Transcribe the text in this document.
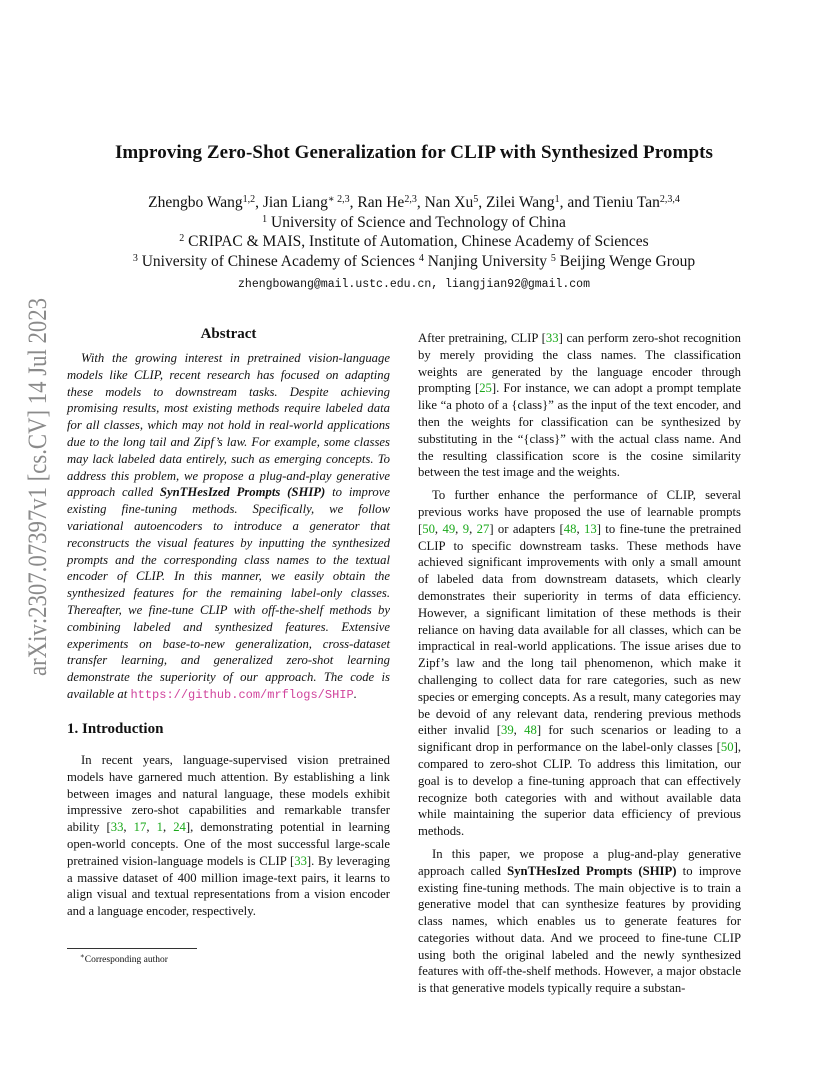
arXiv:2307.07397v1 [cs.CV] 14 Jul 2023
Improving Zero-Shot Generalization for CLIP with Synthesized Prompts
Zhengbo Wang$^{1,2}$, Jian Liang$^{∗ 2,3}$, Ran He$^{2,3}$, Nan Xu$^5$, Zilei Wang$^1$, and Tieniu Tan$^{2,3,4}$
$^1$ University of Science and Technology of China
$^2$ CRIPAC & MAIS, Institute of Automation, Chinese Academy of Sciences
$^3$ University of Chinese Academy of Sciences $^4$ Nanjing University $^5$ Beijing Wenge Group
zhengbowang@mail.ustc.edu.cn, liangjian92@gmail.com
Abstract
With the growing interest in pretrained vision-language models like CLIP, recent research has focused on adapting these models to downstream tasks. Despite achieving promising results, most existing methods require labeled data for all classes, which may not hold in real-world applications due to the long tail and Zipf’s law. For example, some classes may lack labeled data entirely, such as emerging concepts. To address this problem, we propose a plug-and-play generative approach called SynTHesIzed Prompts (SHIP) to improve existing fine-tuning methods. Specifically, we follow variational autoencoders to introduce a generator that reconstructs the visual features by inputting the synthesized prompts and the corresponding class names to the textual encoder of CLIP. In this manner, we easily obtain the synthesized features for the remaining label-only classes. Thereafter, we fine-tune CLIP with off-the-shelf methods by combining labeled and synthesized features. Extensive experiments on base-to-new generalization, cross-dataset transfer learning, and generalized zero-shot learning demonstrate the superiority of our approach. The code is available at https://github.com/mrflogs/SHIP.
1. Introduction
In recent years, language-supervised vision pretrained models have garnered much attention. By establishing a link between images and natural language, these models exhibit impressive zero-shot capabilities and remarkable transfer ability [33, 17, 1, 24], demonstrating potential in learning open-world concepts. One of the most successful large-scale pretrained vision-language models is CLIP [33]. By leveraging a massive dataset of 400 million image-text pairs, it learns to align visual and textual representations from a vision encoder and a language encoder, respectively.

After pretraining, CLIP [33] can perform zero-shot recognition by merely providing the class names. The classification weights are generated by the language encoder through prompting [25]. For instance, we can adopt a prompt template like “a photo of a {class}” as the input of the text encoder, and then the weights for classification can be synthesized by substituting in the “{class}” with the actual class name. And the resulting classification score is the cosine similarity between the test image and the weights.

To further enhance the performance of CLIP, several previous works have proposed the use of learnable prompts [50, 49, 9, 27] or adapters [48, 13] to fine-tune the pretrained CLIP to specific downstream tasks. These methods have achieved significant improvements with only a small amount of labeled data from downstream datasets, which clearly demonstrates their superiority in terms of data efficiency. However, a significant limitation of these methods is their reliance on having data available for all classes, which can be impractical in real-world applications. The issue arises due to Zipf’s law and the long tail phenomenon, which make it challenging to collect data for rare categories, such as new species or emerging concepts. As a result, many categories may be devoid of any relevant data, rendering previous methods either invalid [39, 48] for such scenarios or leading to a significant drop in performance on the label-only classes [50], compared to zero-shot CLIP. To address this limitation, our goal is to develop a fine-tuning approach that can effectively recognize both categories with and without available data while maintaining the superior data efficiency of previous methods.

In this paper, we propose a plug-and-play generative approach called SynTHesIzed Prompts (SHIP) to improve existing fine-tuning methods. The main objective is to train a generative model that can synthesize features by providing class names, which enables us to generate features for categories without data. And we proceed to fine-tune CLIP using both the original labeled and the newly synthesized features with off-the-shelf methods. However, a major obstacle is that generative models typically require a substan-

∗Corresponding author
